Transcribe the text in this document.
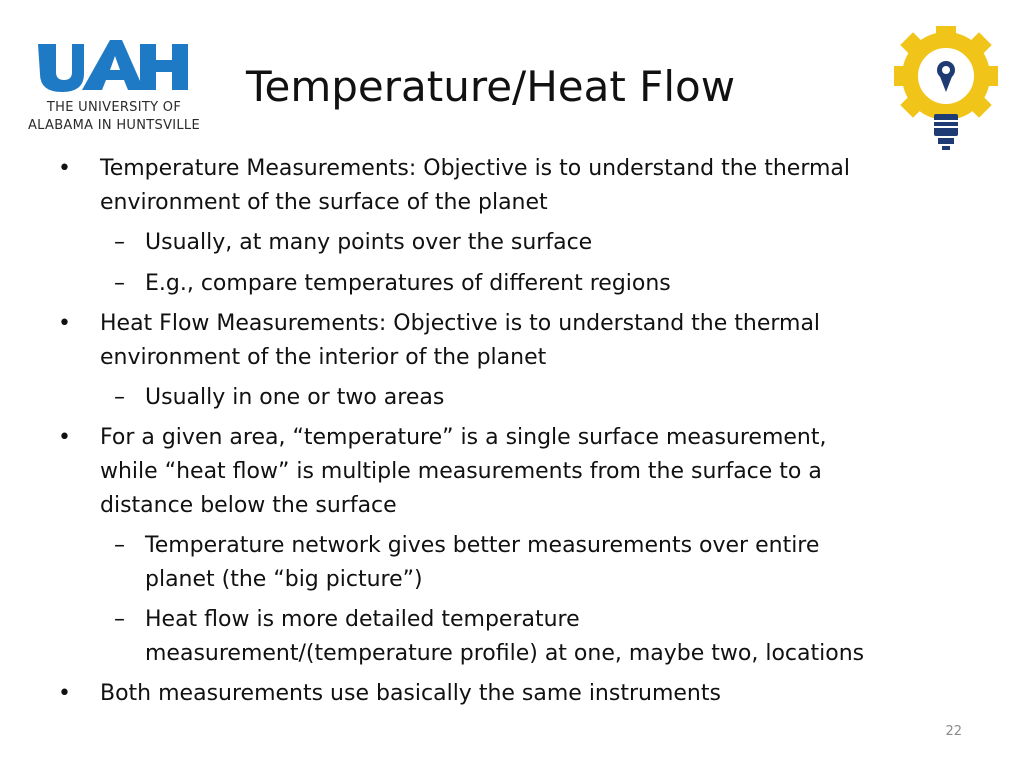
THE UNIVERSITY OF
ALABAMA IN HUNTSVILLE
Temperature/Heat Flow
• Temperature Measurements: Objective is to understand the thermal
environment of the surface of the planet
– Usually, at many points over the surface
– E.g., compare temperatures of different regions
• Heat Flow Measurements: Objective is to understand the thermal
environment of the interior of the planet
– Usually in one or two areas
• For a given area, “temperature” is a single surface measurement,
while “heat flow” is multiple measurements from the surface to a
distance below the surface
– Temperature network gives better measurements over entire
planet (the “big picture”)
– Heat flow is more detailed temperature
measurement/(temperature profile) at one, maybe two, locations
• Both measurements use basically the same instruments
22
